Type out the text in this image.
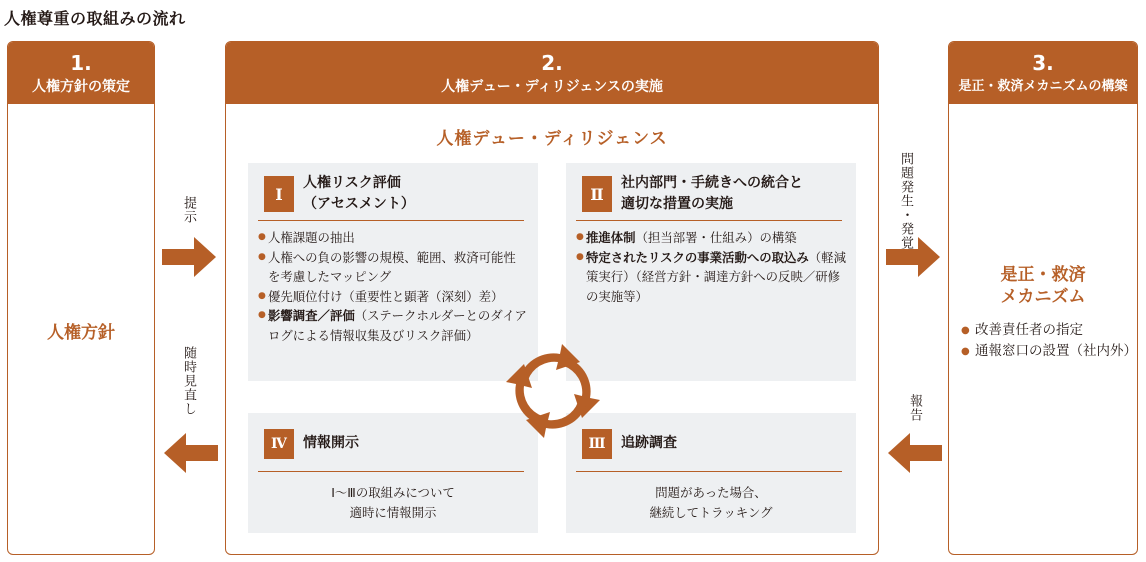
人権尊重の取組みの流れ
1.
人権方針の策定
人権方針
提示
随時見直し
2.
人権デュー・ディリジェンスの実施
人権デュー・ディリジェンス
Ⅰ
人権リスク評価
（アセスメント）
● 人権課題の抽出
● 人権への負の影響の規模、範囲、救済可能性を考慮したマッピング
● 優先順位付け（重要性と顕著（深刻）差）
● 影響調査／評価（ステークホルダーとのダイアログによる情報収集及びリスク評価）
Ⅱ
社内部門・手続きへの統合と
適切な措置の実施
● 推進体制（担当部署・仕組み）の構築
● 特定されたリスクの事業活動への取込み（軽減策実行）（経営方針・調達方針への反映／研修の実施等）
Ⅲ	追跡調査
問題があった場合、
継続してトラッキング
Ⅳ	情報開示
Ⅰ～Ⅲの取組みについて
適時に情報開示
問題発生・発覚
報告
3.
是正・救済メカニズムの構築
是正・救済
メカニズム
● 改善責任者の指定
● 通報窓口の設置（社内外）
